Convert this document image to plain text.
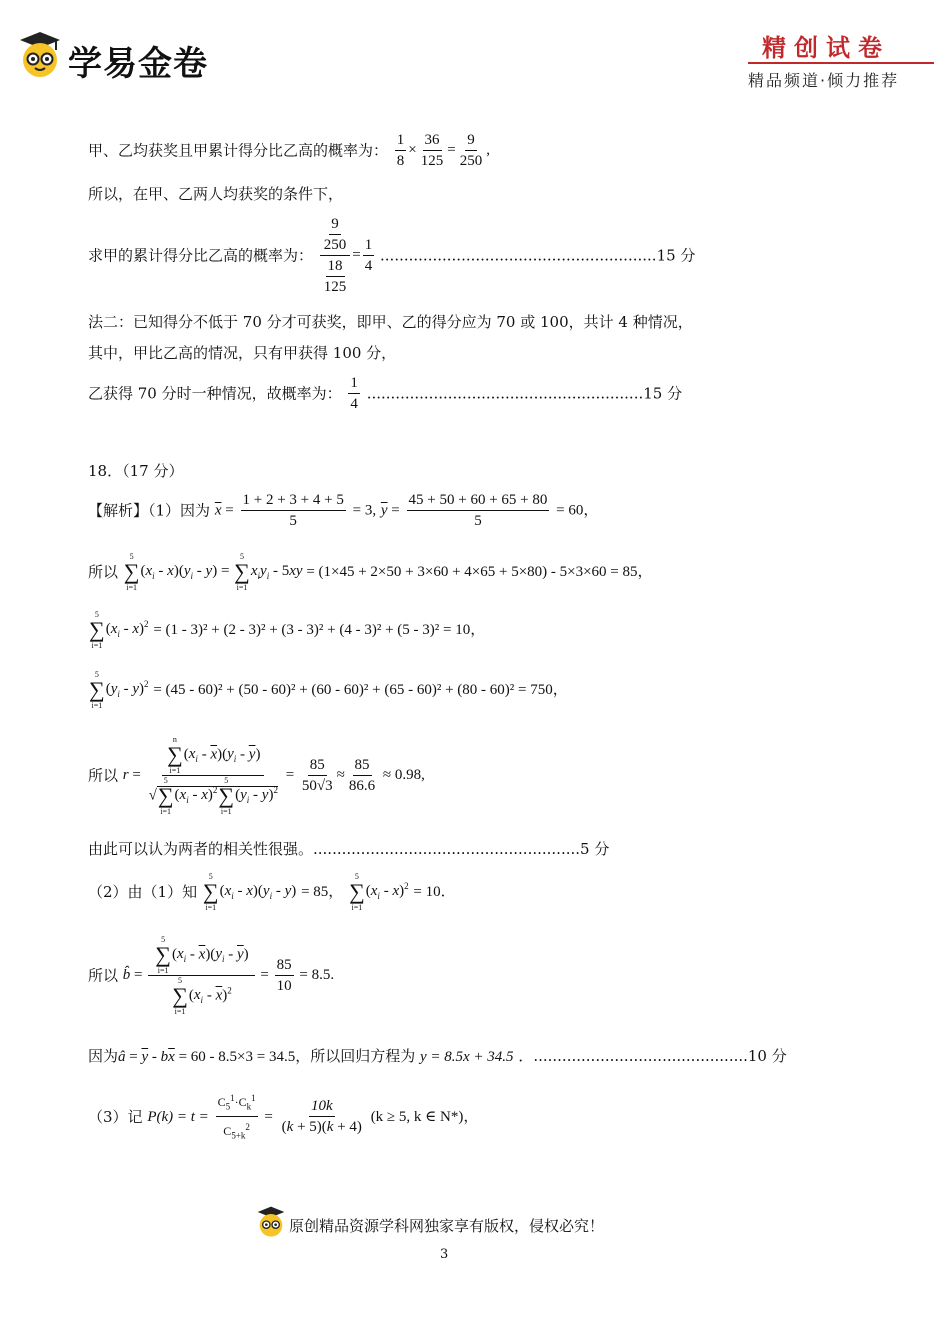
学易金卷	精创试卷
精品频道·倾力推荐
甲、乙均获奖且甲累计得分比乙高的概率为： $\frac{1}{8} \times \frac{36}{125} = \frac{9}{250}$ ,
所以，在甲、乙两人均获奖的条件下，
求甲的累计得分比乙高的概率为： $\frac{\frac{9}{250}}{\frac{18}{125}} = \frac{1}{4} ..........................................................15$ 分
法二：已知得分不低于 70 分才可获奖，即甲、乙的得分应为 70 或 100，共计 4 种情况，
其中，甲比乙高的情况，只有甲获得 100 分，
乙获得 70 分时一种情况，故概率为： $\frac{1}{4} ..........................................................15$ 分
18．（17 分）
【解析】（1）因为 $\overline{x} = \frac{1 + 2 + 3 + 4 + 5}{5} = 3$, $\overline{y} = \frac{45 + 50 + 60 + 65 + 80}{5} = 60$，
所以
5
∑
i=1
$(x_i - x)(y_i - y)$ =
5
∑
i=1
$x_iy_i - 5xy = (1\times 45 + 2\times 50 + 3\times 60 + 4\times 65 + 5\times 80) - 5\times 3\times 60 = 85$，
5
∑
i=1
$(x_i - x)^2 = (1 - 3)^2 + (2 - 3)^2 + (3 - 3)^2 + (4 - 3)^2 + (5 - 3)^2 = 10$，
5
∑
i=1
$(y_i - y)^2 = (45 - 60)^2 + (50 - 60)^2 + (60 - 60)^2 + (65 - 60)^2 + (80 - 60)^2 = 750$，
所以 r = n
∑
i=1
$(x_i - \overline{x})(y_i - \overline{y})$
√
5
∑
i=1
$(x_i - \overline{x})^2$
5
∑
i=1
$(y_i - \overline{y})^2 = \frac{85}{50√3} \approx \frac{85}{86.6} \approx 0.98$,
由此可以认为两者的相关性很强。........................................................5 分
（2）由（1）知
5
∑
i=1
$(x_i - x)(y_i - y) = 85$，
5
∑
i=1
$(x_i - x)^2 = 10$．
所以 b̂ = 5
∑
i=1
$(x_i - \overline{x})(y_i - \overline{y})$
5
∑
i=1
$(x_i - \overline{x})^2 = \frac{85}{10} = 8.5$.
因为â = $\overline{y} - b\overline{x} = 60 - 8.5\times 3 = 34.5$，所以回归方程为 y = 8.5x + 34.5 ．.............................................10 分
（3）记 $P(k) = t = \frac{C_5^1\cdot C_k^1}{C_{5+k}^2} = \frac{10k}{(k + 5)(k + 4)} (k \ge 5$, k ∈ N*)，
原创精品资源学科网独家享有版权，侵权必究！
3
